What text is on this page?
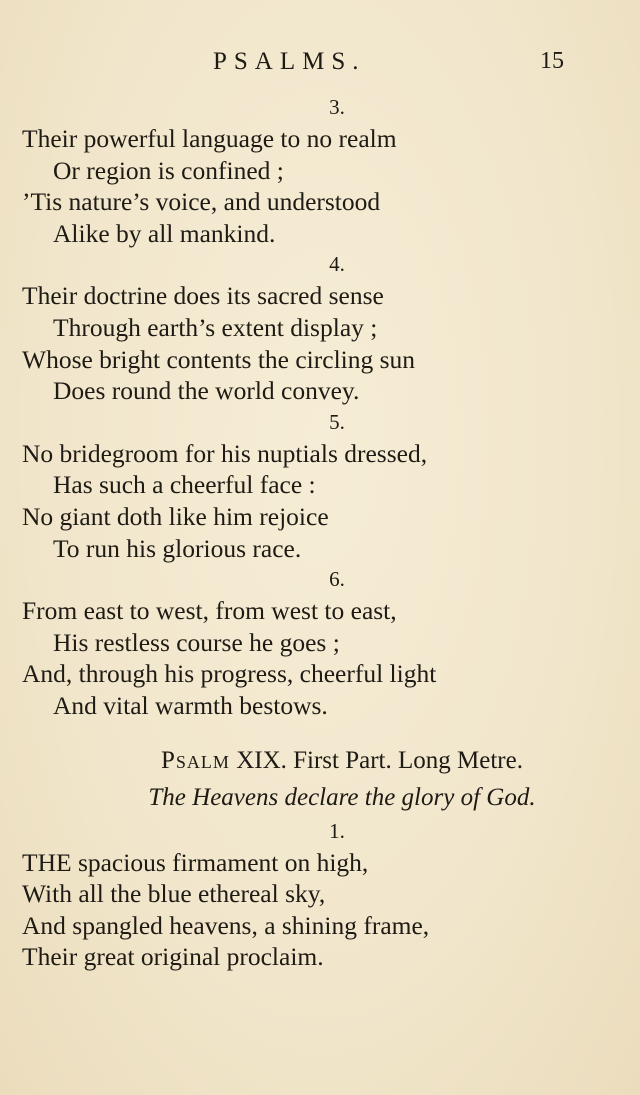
PSALMS.	15
3.
Their powerful language to no realm
Or region is confined ;
’Tis nature’s voice, and understood
Alike by all mankind.
4.
Their doctrine does its sacred sense
Through earth’s extent display ;
Whose bright contents the circling sun
Does round the world convey.
5.
No bridegroom for his nuptials dressed,
Has such a cheerful face :
No giant doth like him rejoice
To run his glorious race.
6.
From east to west, from west to east,
His restless course he goes ;
And, through his progress, cheerful light
And vital warmth bestows.
Psalm XIX. First Part. Long Metre.
The Heavens declare the glory of God.
1.
THE spacious firmament on high,
With all the blue ethereal sky,
And spangled heavens, a shining frame,
Their great original proclaim.
